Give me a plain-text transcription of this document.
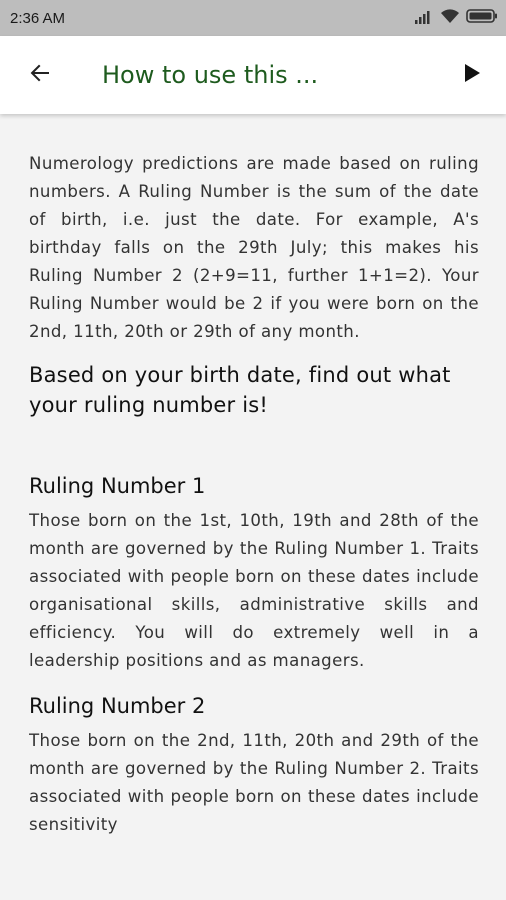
2:36 AM
How to use this ...

Numerology predictions are made based on ruling numbers. A Ruling Number is the sum of the date of birth, i.e. just the date. For example, A's birthday falls on the 29th July; this makes his Ruling Number 2 (2+9=11, further 1+1=2). Your Ruling Number would be 2 if you were born on the 2nd, 11th, 20th or 29th of any month.

Based on your birth date, find out what your ruling number is!
Ruling Number 1

Those born on the 1st, 10th, 19th and 28th of the month are governed by the Ruling Number 1. Traits associated with people born on these dates include organisational skills, administrative skills and efficiency. You will do extremely well in a leadership positions and as managers.

Ruling Number 2

Those born on the 2nd, 11th, 20th and 29th of the month are governed by the Ruling Number 2. Traits associated with people born on these dates include sensitivity
